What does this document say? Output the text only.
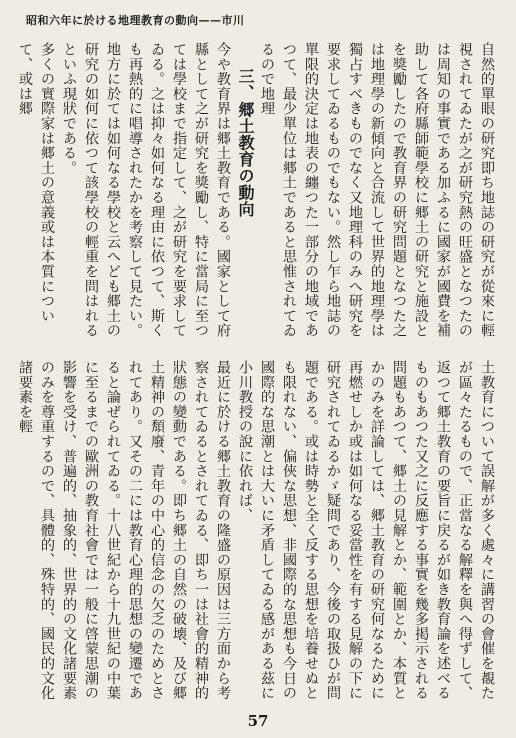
昭和六年に於ける地理教育の動向——市川

自然的單眼の研究即ち地誌の研究が從來に輕視されてゐたが之が研究熱の旺盛となつたのは周知の事實である加ふるに國家が國費を補助して各府縣師範學校に郷土の研究と施設とを獎勵したので教育界の研究問題となつた之は地理學の新傾向と合流して世界的地理學は獨占すべきものでなく又地理科のみへ研究を要求してゐるものでもない。然し乍ら地誌の單限的決定は地表の纏つた一部分の地域であつて、最少單位は郷土であると思惟されてゐるので地理

三、郷土教育の動向

今や教育界は郷土教育である。國家として府縣として之が研究を獎勵し、特に當局に至つては學校まで指定して、之が研究を要求してゐる。之は抑々如何なる理由に依つて、斯くも再熱的に唱導されたかを考察して見たい。地方に於ては如何なる學校と云へども郷土の研究の如何に依つて該學校の輕重を問はれるといふ現狀である。

多くの實際家は郷土の意義或は本質について、或は郷

土教育について誤解が多く處々に講習の會催を覩たが區々たるもので、正當なる解釋を與へ得ずして、返つて郷土教育の要旨に戻るが如き教育論を述べるものもあつた又之に反應する事實を幾多掲示される問題もあつて、郷土の見解とか、範圍とか、本質とかのみを詳論しては、郷土教育の研究何なるために再燃せしか或は如何なる妥當性を有する見解の下に研究されてゐるかゞ疑問であり、今後の取扱ひが問題である。或は時勢と全く反する思想を培養せぬとも限れない、偏俠な思想、非國際的な思想も今日の國際的な思潮とは大いに矛盾してゐる感がある茲に小川教授の說に依れば、

最近に於ける郷土教育の隆盛の原因は三方面から考察されてゐるとされてゐる、即ち一は社會的精神的狀態の變動である。即ち郷土の自然の破壊、及び郷土精神の頽廢、青年の中心的信念の欠乏のためとされてあり。又その二には教育心理的思想の變遷であると論ぜられてゐる。十八世紀から十九世紀の中葉に至るまでの歐洲の教育社會では一般に啓蒙思潮の影響を受け、普遍的、抽象的、世界的の文化諸要素のみを尊重するので、具體的、殊特的、國民的文化諸要素を輕

57
